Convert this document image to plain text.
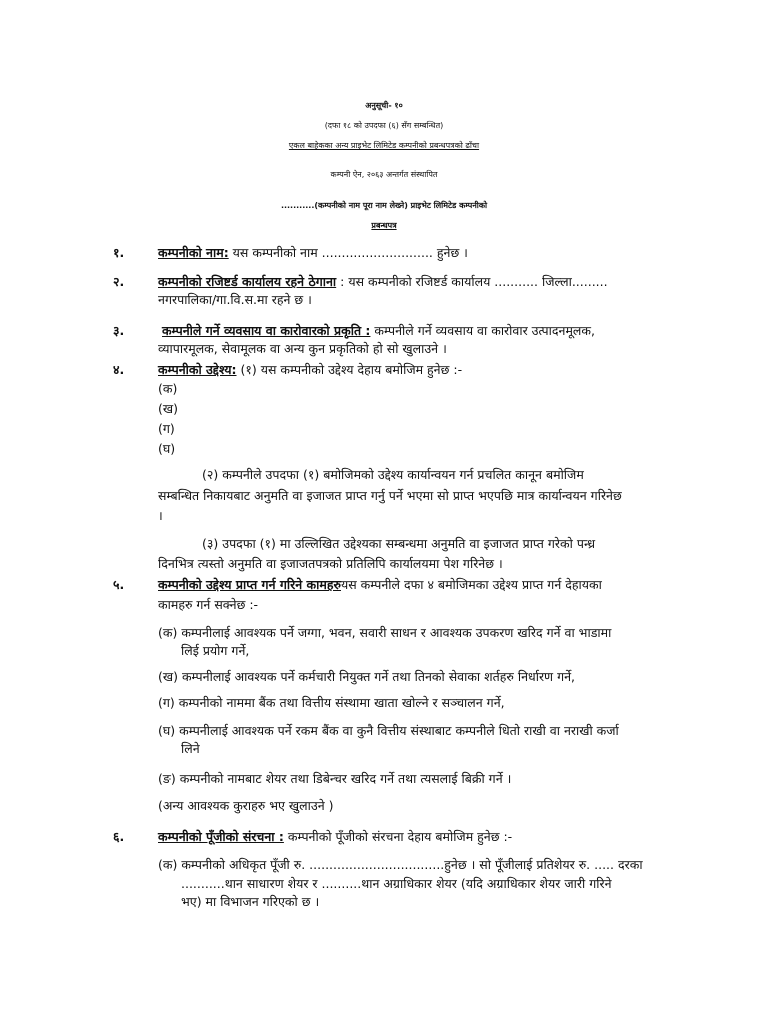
अनुसूची- १०
(दफा १८ को उपदफा (६) सँग सम्बन्धित)
एकल बाहेकका अन्य प्राइभेट लिमिटेड कम्पनीको प्रबन्धपत्रको ढाँचा
कम्पनी ऐन, २०६३ अन्तर्गत संस्थापित
...........(कम्पनीको नाम पूरा नाम लेख्ने) प्राइभेट लिमिटेड कम्पनीको
प्रबन्धपत्र
१.	कम्पनीको नाम: यस कम्पनीको नाम ............................ हुनेछ ।
२.	कम्पनीको रजिष्टर्ड कार्यालय रहने ठेगाना : यस कम्पनीको रजिष्टर्ड कार्यालय ........... जिल्ला.........
नगरपालिका/गा.वि.स.मा रहने छ ।
३.	कम्पनीले गर्ने व्यवसाय वा कारोवारको प्रकृति : कम्पनीले गर्ने व्यवसाय वा कारोवार उत्पादनमूलक,
व्यापारमूलक, सेवामूलक वा अन्य कुन प्रकृतिको हो सो खुलाउने ।
४.	कम्पनीको उद्देश्य: (१) यस कम्पनीको उद्देश्य देहाय बमोजिम हुनेछ :-
(क)
(ख)
(ग)
(घ)
(२) कम्पनीले उपदफा (१) बमोजिमको उद्देश्य कार्यान्वयन गर्न प्रचलित कानून बमोजिम
सम्बन्धित निकायबाट अनुमति वा इजाजत प्राप्त गर्नु पर्ने भएमा सो प्राप्त भएपछि मात्र कार्यान्वयन गरिनेछ
।
(३) उपदफा (१) मा उल्लिखित उद्देश्यका सम्बन्धमा अनुमति वा इजाजत प्राप्त गरेको पन्ध्र
दिनभित्र त्यस्तो अनुमति वा इजाजतपत्रको प्रतिलिपि कार्यालयमा पेश गरिनेछ ।
५.	कम्पनीको उद्देश्य प्राप्त गर्न गरिने कामहरुयस कम्पनीले दफा ४ बमोजिमका उद्देश्य प्राप्त गर्न देहायका
कामहरु गर्न सक्नेछ :-
(क) कम्पनीलाई आवश्यक पर्ने जग्गा, भवन, सवारी साधन र आवश्यक उपकरण खरिद गर्ने वा भाडामा
लिई प्रयोग गर्ने,
(ख) कम्पनीलाई आवश्यक पर्ने कर्मचारी नियुक्त गर्ने तथा तिनको सेवाका शर्तहरु निर्धारण गर्ने,
(ग) कम्पनीको नाममा बैंक तथा वित्तीय संस्थामा खाता खोल्ने र सञ्चालन गर्ने,
(घ) कम्पनीलाई आवश्यक पर्ने रकम बैंक वा कुनै वित्तीय संस्थाबाट कम्पनीले धितो राखी वा नराखी कर्जा
लिने
(ङ) कम्पनीको नामबाट शेयर तथा डिबेन्चर खरिद गर्ने तथा त्यसलाई बिक्री गर्ने ।
(अन्य आवश्यक कुराहरु भए खुलाउने )
६.	कम्पनीको पूँजीको संरचना : कम्पनीको पूँजीको संरचना देहाय बमोजिम हुनेछ :-
(क) कम्पनीको अधिकृत पूँजी रु. ..................................हुनेछ । सो पूँजीलाई प्रतिशेयर रु. ..... दरका
...........थान साधारण शेयर र ..........थान अग्राधिकार शेयर (यदि अग्राधिकार शेयर जारी गरिने
भए) मा विभाजन गरिएको छ ।
